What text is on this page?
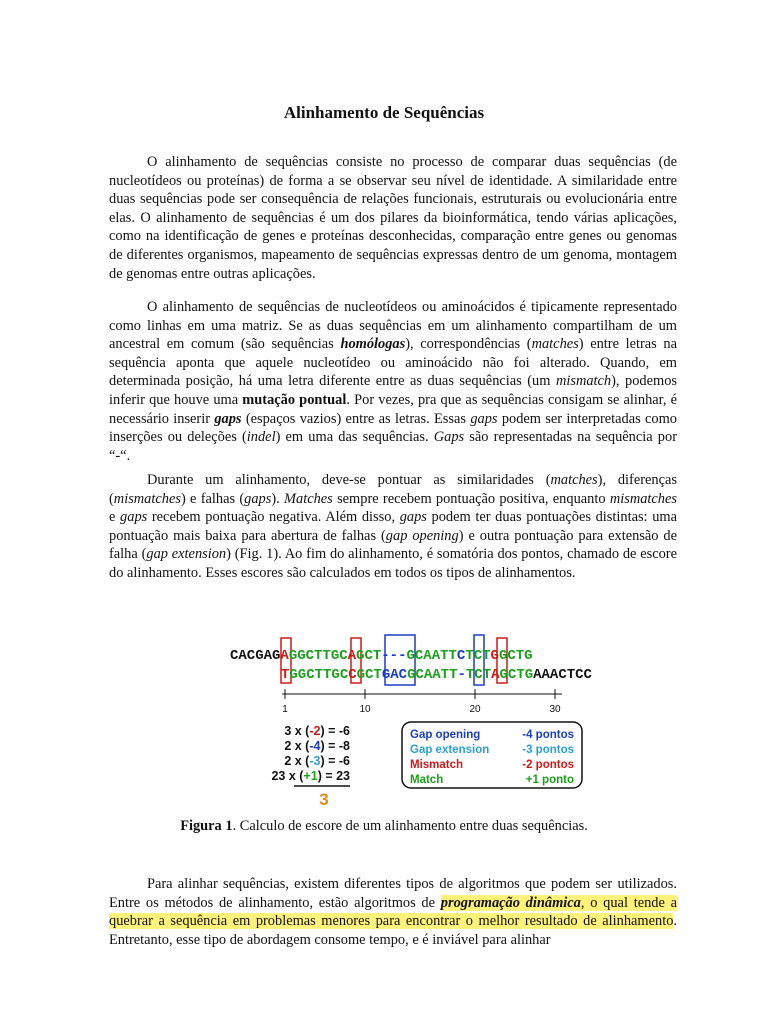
Alinhamento de Sequências

O alinhamento de sequências consiste no processo de comparar duas sequências (de nucleotídeos ou proteínas) de forma a se observar seu nível de identidade. A similaridade entre duas sequências pode ser consequência de relações funcionais, estruturais ou evolucionária entre elas. O alinhamento de sequências é um dos pilares da bioinformática, tendo várias aplicações, como na identificação de genes e proteínas desconhecidas, comparação entre genes ou genomas de diferentes organismos, mapeamento de sequências expressas dentro de um genoma, montagem de genomas entre outras aplicações.

O alinhamento de sequências de nucleotídeos ou aminoácidos é tipicamente representado como linhas em uma matriz. Se as duas sequências em um alinhamento compartilham de um ancestral em comum (são sequências homólogas), correspondências (matches) entre letras na sequência aponta que aquele nucleotídeo ou aminoácido não foi alterado. Quando, em determinada posição, há uma letra diferente entre as duas sequências (um mismatch), podemos inferir que houve uma mutação pontual. Por vezes, pra que as sequências consigam se alinhar, é necessário inserir gaps (espaços vazios) entre as letras. Essas gaps podem ser interpretadas como inserções ou deleções (indel) em uma das sequências. Gaps são representadas na sequência por “-“.

Durante um alinhamento, deve-se pontuar as similaridades (matches), diferenças (mismatches) e falhas (gaps). Matches sempre recebem pontuação positiva, enquanto mismatches e gaps recebem pontuação negativa. Além disso, gaps podem ter duas pontuações distintas: uma pontuação mais baixa para abertura de falhas (gap opening) e outra pontuação para extensão de falha (gap extension) (Fig. 1). Ao fim do alinhamento, é somatória dos pontos, chamado de escore do alinhamento. Esses escores são calculados em todos os tipos de alinhamentos.

CACGAGAGGCTTGCAGCT---GCAATTCTCTGGCTG
TGGCTTGCCGCTGACGCAATT-TCTAGCTGAAACTCC
1	10	20	30
3 x (-2) = -6
2 x (-4) = -8
2 x (-3) = -6
23 x (+1) = 23
3
Gap opening	-4 pontos
Gap extension	-3 pontos
Mismatch	-2 pontos
Match	+1 ponto

Figura 1. Calculo de escore de um alinhamento entre duas sequências.

Para alinhar sequências, existem diferentes tipos de algoritmos que podem ser utilizados. Entre os métodos de alinhamento, estão algoritmos de programação dinâmica, o qual tende a quebrar a sequência em problemas menores para encontrar o melhor resultado de alinhamento. Entretanto, esse tipo de abordagem consome tempo, e é inviável para alinhar
